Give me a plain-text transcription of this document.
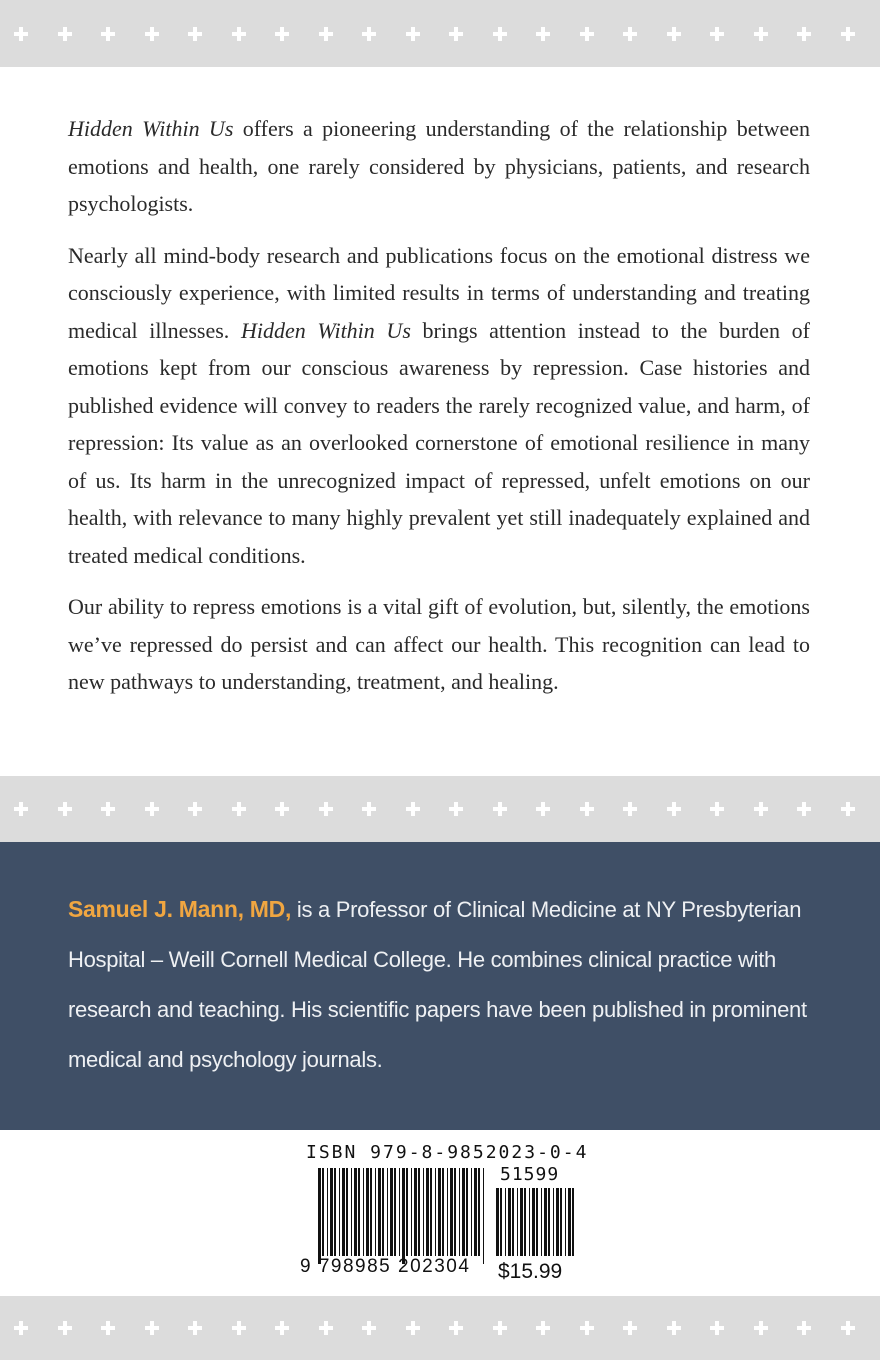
Hidden Within Us offers a pioneering understanding of the relationship between emotions and health, one rarely considered by physicians, patients, and research psychologists.

Nearly all mind-body research and publications focus on the emotional distress we consciously experience, with limited results in terms of understanding and treating medical illnesses. Hidden Within Us brings attention instead to the burden of emotions kept from our conscious awareness by repression. Case histories and published evidence will convey to readers the rarely recognized value, and harm, of repression: Its value as an overlooked cornerstone of emotional resilience in many of us. Its harm in the unrecognized impact of repressed, unfelt emotions on our health, with relevance to many highly prevalent yet still inadequately explained and treated medical conditions.

Our ability to repress emotions is a vital gift of evolution, but, silently, the emotions we’ve repressed do persist and can affect our health. This recognition can lead to new pathways to understanding, treatment, and healing.

Samuel J. Mann, MD, is a Professor of Clinical Medicine at NY Presbyterian Hospital – Weill Cornell Medical College. He combines clinical practice with research and teaching. His scientific papers have been published in prominent medical and psychology journals.
ISBN 979-8-9852023-0-4
51599
9 798985 202304 $15.99
